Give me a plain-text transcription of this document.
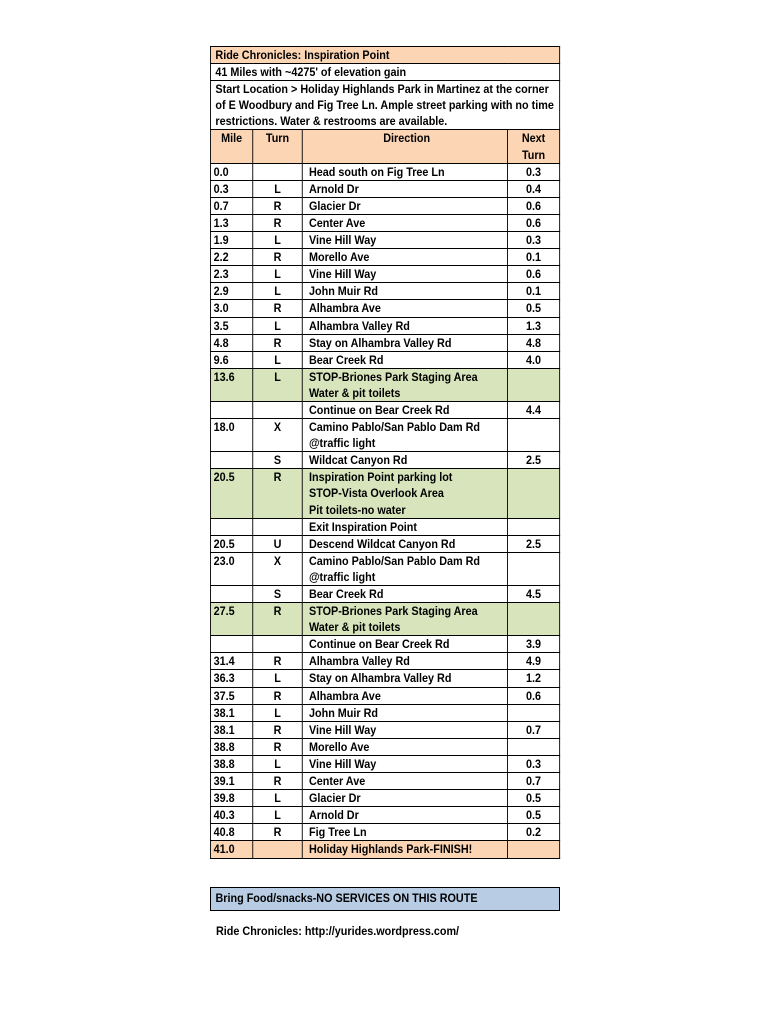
Ride Chronicles: Inspiration Point			
41 Miles with ~4275' of elevation gain			
Start Location > Holiday Highlands Park in Martinez at the corner of E Woodbury and Fig Tree Ln. Ample street parking with no time restrictions. Water & restrooms are available.			
Mile	Turn	Direction	Next Turn
0.0		Head south on Fig Tree Ln	0.3
0.3	L	Arnold Dr	0.4
0.7	R	Glacier Dr	0.6
1.3	R	Center Ave	0.6
1.9	L	Vine Hill Way	0.3
2.2	R	Morello Ave	0.1
2.3	L	Vine Hill Way	0.6
2.9	L	John Muir Rd	0.1
3.0	R	Alhambra Ave	0.5
3.5	L	Alhambra Valley Rd	1.3
4.8	R	Stay on Alhambra Valley Rd	4.8
9.6	L	Bear Creek Rd	4.0
13.6	L	STOP-Briones Park Staging Area
Water & pit toilets	
		Continue on Bear Creek Rd	4.4
18.0	X	Camino Pablo/San Pablo Dam Rd
@traffic light	
	S	Wildcat Canyon Rd	2.5
20.5	R	Inspiration Point parking lot
STOP-Vista Overlook Area
Pit toilets-no water	
		Exit Inspiration Point	
20.5	U	Descend Wildcat Canyon Rd	2.5
23.0	X	Camino Pablo/San Pablo Dam Rd
@traffic light	
	S	Bear Creek Rd	4.5
27.5	R	STOP-Briones Park Staging Area
Water & pit toilets	
		Continue on Bear Creek Rd	3.9
31.4	R	Alhambra Valley Rd	4.9
36.3	L	Stay on Alhambra Valley Rd	1.2
37.5	R	Alhambra Ave	0.6
38.1	L	John Muir Rd	
38.1	R	Vine Hill Way	0.7
38.8	R	Morello Ave	
38.8	L	Vine Hill Way	0.3
39.1	R	Center Ave	0.7
39.8	L	Glacier Dr	0.5
40.3	L	Arnold Dr	0.5
40.8	R	Fig Tree Ln	0.2
41.0		Holiday Highlands Park-FINISH!	
Bring Food/snacks-NO SERVICES ON THIS ROUTE
Ride Chronicles: http://yurides.wordpress.com/
